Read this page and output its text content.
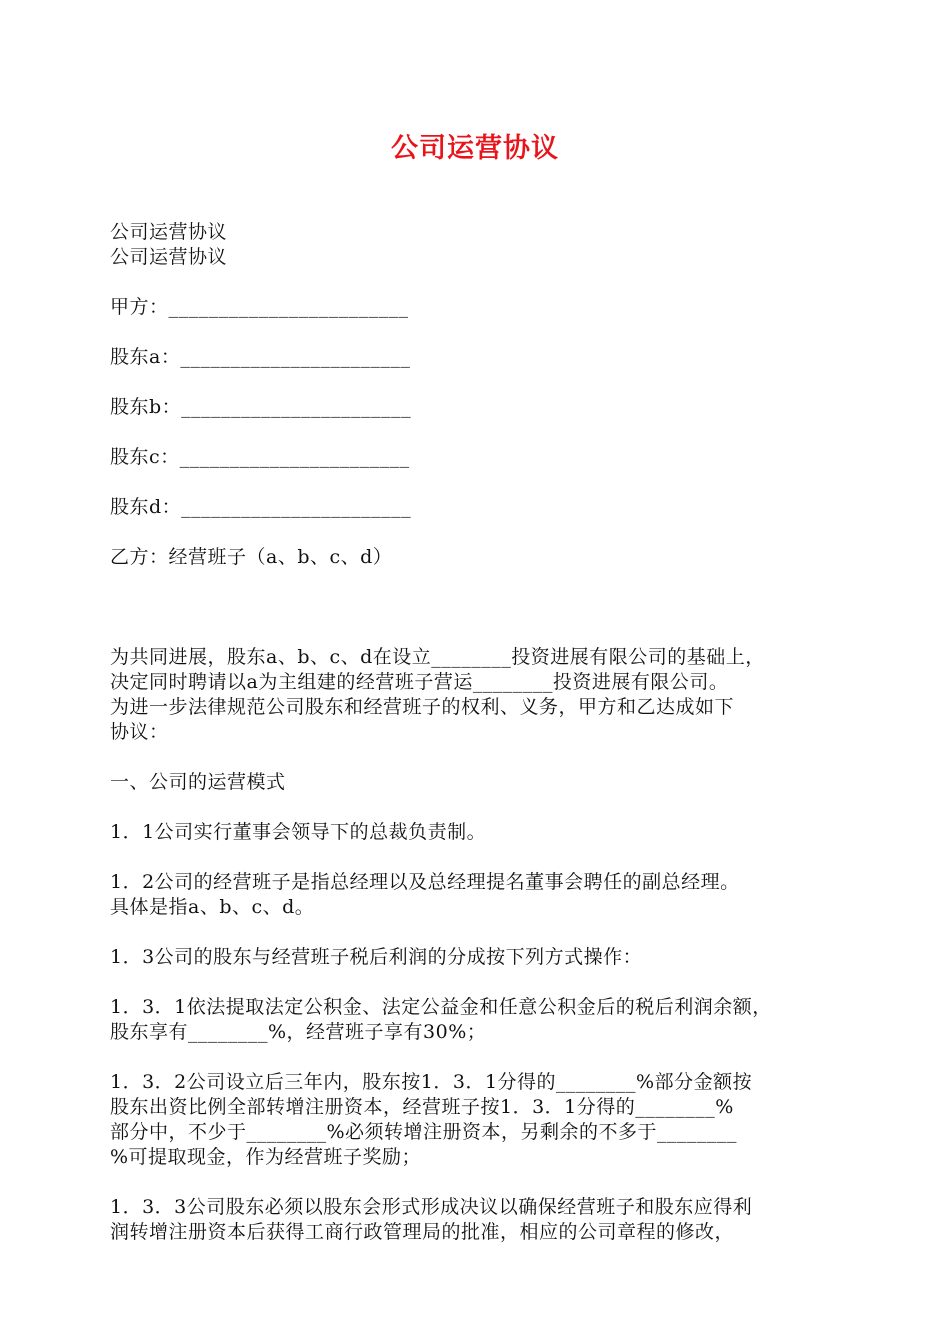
公司运营协议
公司运营协议
公司运营协议
甲方：________________________
股东a：_______________________
股东b：_______________________
股东c：_______________________
股东d：_______________________
乙方：经营班子（a、b、c、d）
为共同进展，股东a、b、c、d在设立________投资进展有限公司的基础上，
决定同时聘请以a为主组建的经营班子营运________投资进展有限公司。
为进一步法律规范公司股东和经营班子的权利、义务，甲方和乙达成如下
协议：
一、公司的运营模式
1．1公司实行董事会领导下的总裁负责制。
1．2公司的经营班子是指总经理以及总经理提名董事会聘任的副总经理。
具体是指a、b、c、d。
1．3公司的股东与经营班子税后利润的分成按下列方式操作：
1．3．1依法提取法定公积金、法定公益金和任意公积金后的税后利润余额，
股东享有________%，经营班子享有30%；
1．3．2公司设立后三年内，股东按1．3．1分得的________%部分金额按
股东出资比例全部转增注册资本，经营班子按1．3．1分得的________%
部分中，不少于________%必须转增注册资本，另剩余的不多于________
%可提取现金，作为经营班子奖励；
1．3．3公司股东必须以股东会形式形成决议以确保经营班子和股东应得利
润转增注册资本后获得工商行政管理局的批准，相应的公司章程的修改，
